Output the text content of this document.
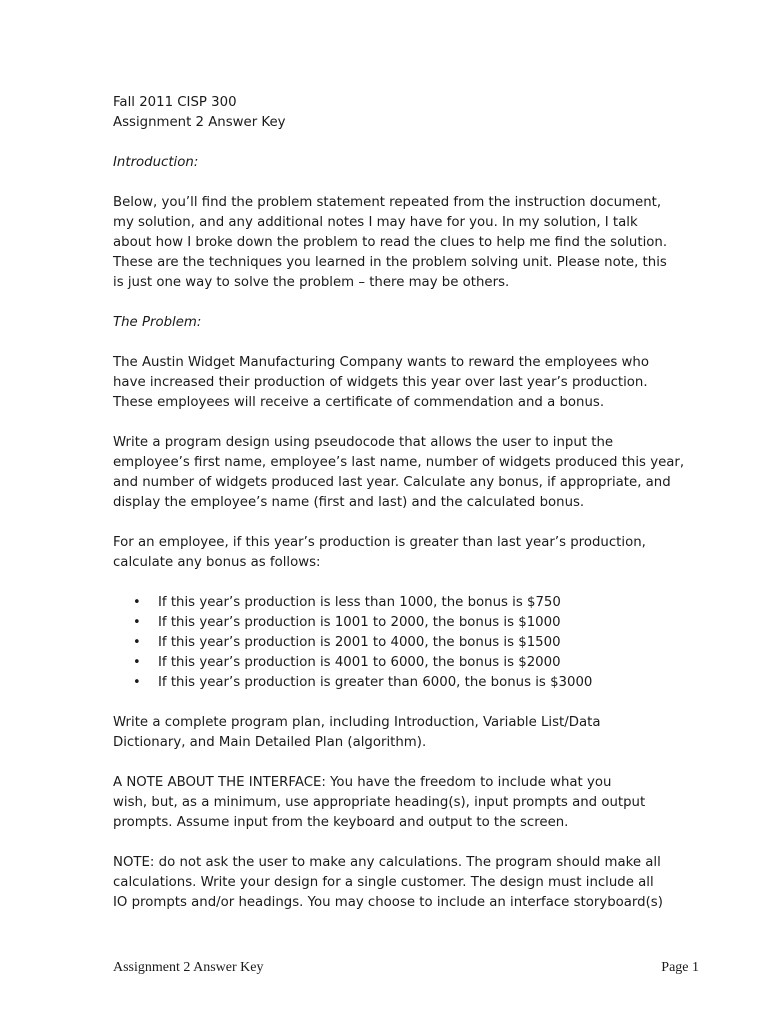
Fall 2011 CISP 300
Assignment 2 Answer Key
Introduction:
Below, you’ll find the problem statement repeated from the instruction document,
my solution, and any additional notes I may have for you. In my solution, I talk
about how I broke down the problem to read the clues to help me find the solution.
These are the techniques you learned in the problem solving unit. Please note, this
is just one way to solve the problem – there may be others.
The Problem:
The Austin Widget Manufacturing Company wants to reward the employees who
have increased their production of widgets this year over last year’s production.
These employees will receive a certificate of commendation and a bonus.
Write a program design using pseudocode that allows the user to input the
employee’s first name, employee’s last name, number of widgets produced this year,
and number of widgets produced last year. Calculate any bonus, if appropriate, and
display the employee’s name (first and last) and the calculated bonus.
For an employee, if this year’s production is greater than last year’s production,
calculate any bonus as follows:
•	If this year’s production is less than 1000, the bonus is $750
•	If this year’s production is 1001 to 2000, the bonus is $1000
•	If this year’s production is 2001 to 4000, the bonus is $1500
•	If this year’s production is 4001 to 6000, the bonus is $2000
•	If this year’s production is greater than 6000, the bonus is $3000
Write a complete program plan, including Introduction, Variable List/Data
Dictionary, and Main Detailed Plan (algorithm).
A NOTE ABOUT THE INTERFACE: You have the freedom to include what you
wish, but, as a minimum, use appropriate heading(s), input prompts and output
prompts. Assume input from the keyboard and output to the screen.
NOTE: do not ask the user to make any calculations. The program should make all
calculations. Write your design for a single customer. The design must include all
IO prompts and/or headings. You may choose to include an interface storyboard(s)
Assignment 2 Answer Key	Page 1
